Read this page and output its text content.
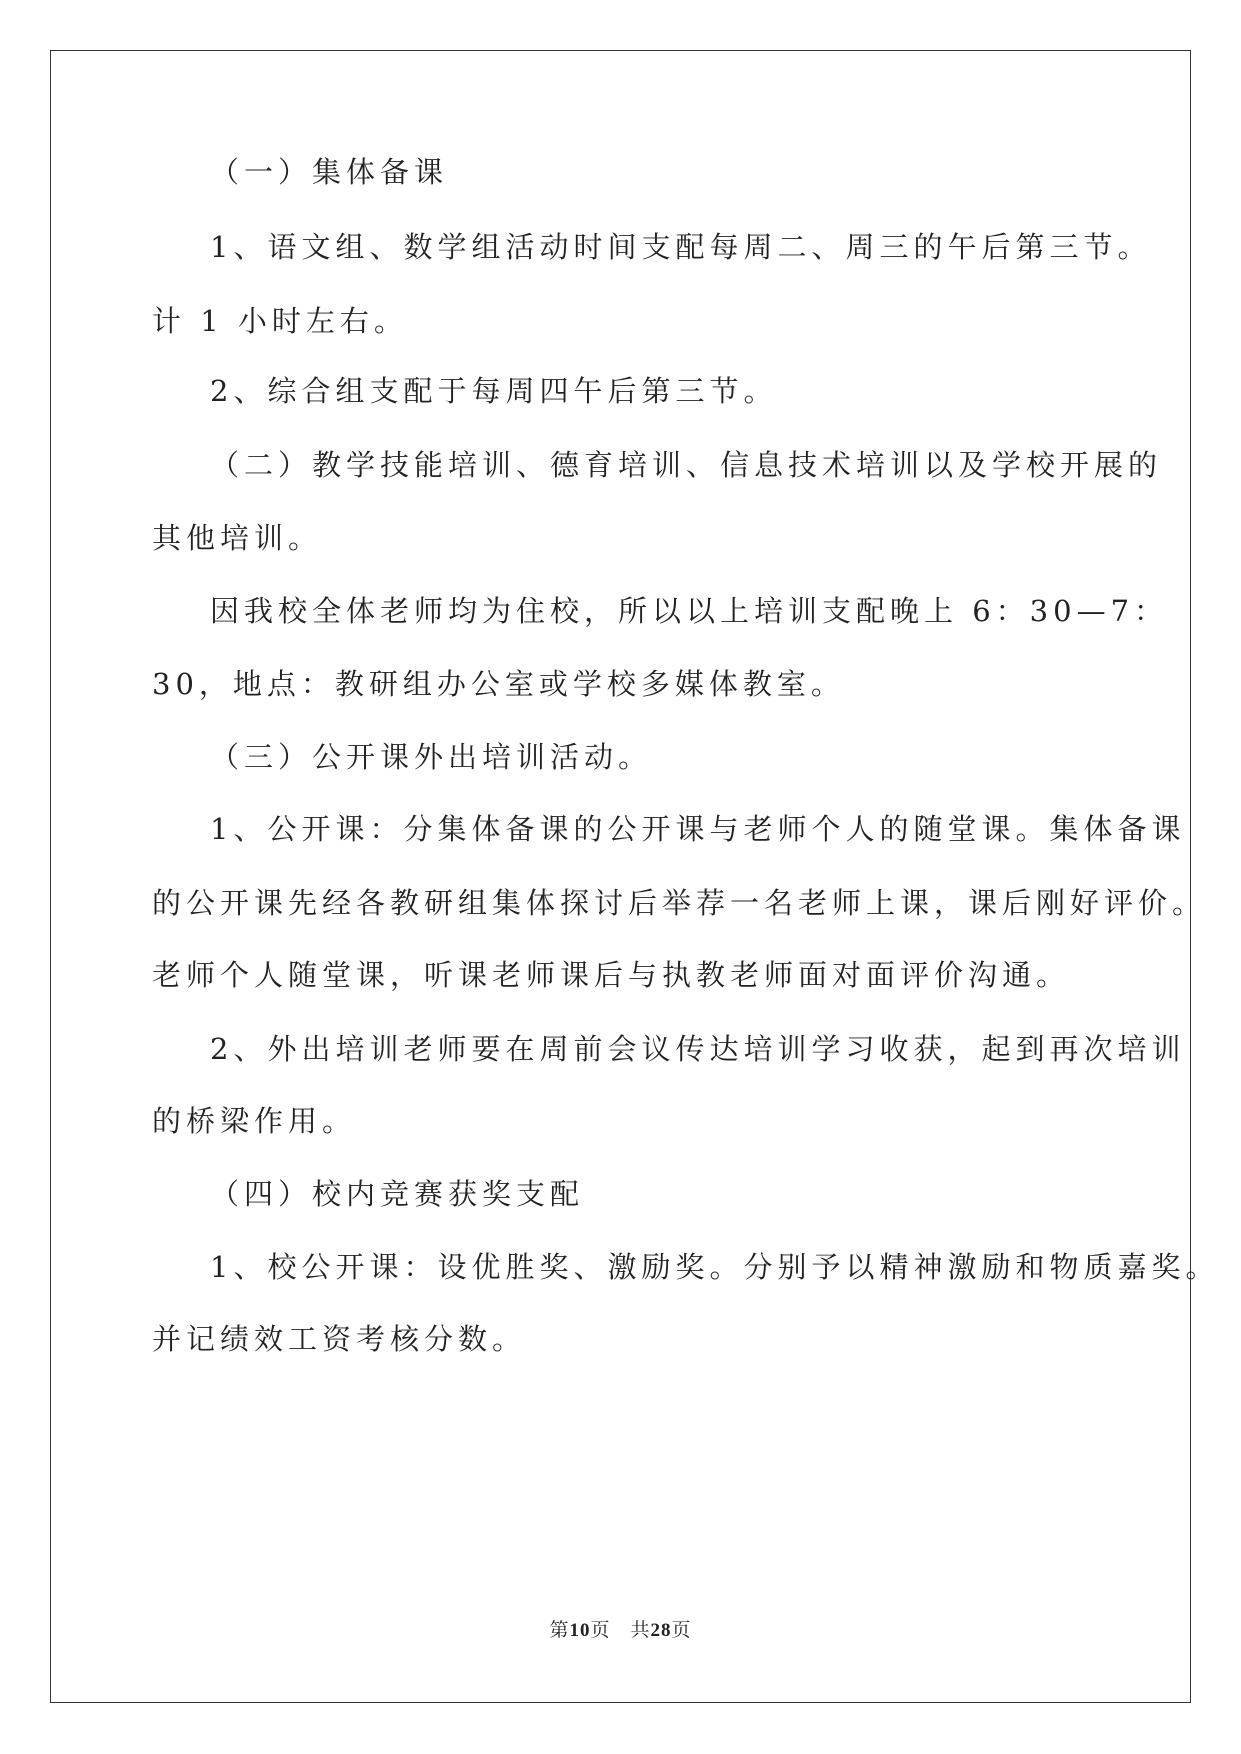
（一）集体备课
1、语文组、数学组活动时间支配每周二、周三的午后第三节。
计 1 小时左右。
2、综合组支配于每周四午后第三节。
（二）教学技能培训、德育培训、信息技术培训以及学校开展的
其他培训。
因我校全体老师均为住校，所以以上培训支配晚上 6：30—7：
30，地点：教研组办公室或学校多媒体教室。
（三）公开课外出培训活动。
1、公开课：分集体备课的公开课与老师个人的随堂课。集体备课
的公开课先经各教研组集体探讨后举荐一名老师上课，课后刚好评价。
老师个人随堂课，听课老师课后与执教老师面对面评价沟通。
2、外出培训老师要在周前会议传达培训学习收获，起到再次培训
的桥梁作用。
（四）校内竞赛获奖支配
1、校公开课：设优胜奖、激励奖。分别予以精神激励和物质嘉奖。
并记绩效工资考核分数。
第10页　共28页
